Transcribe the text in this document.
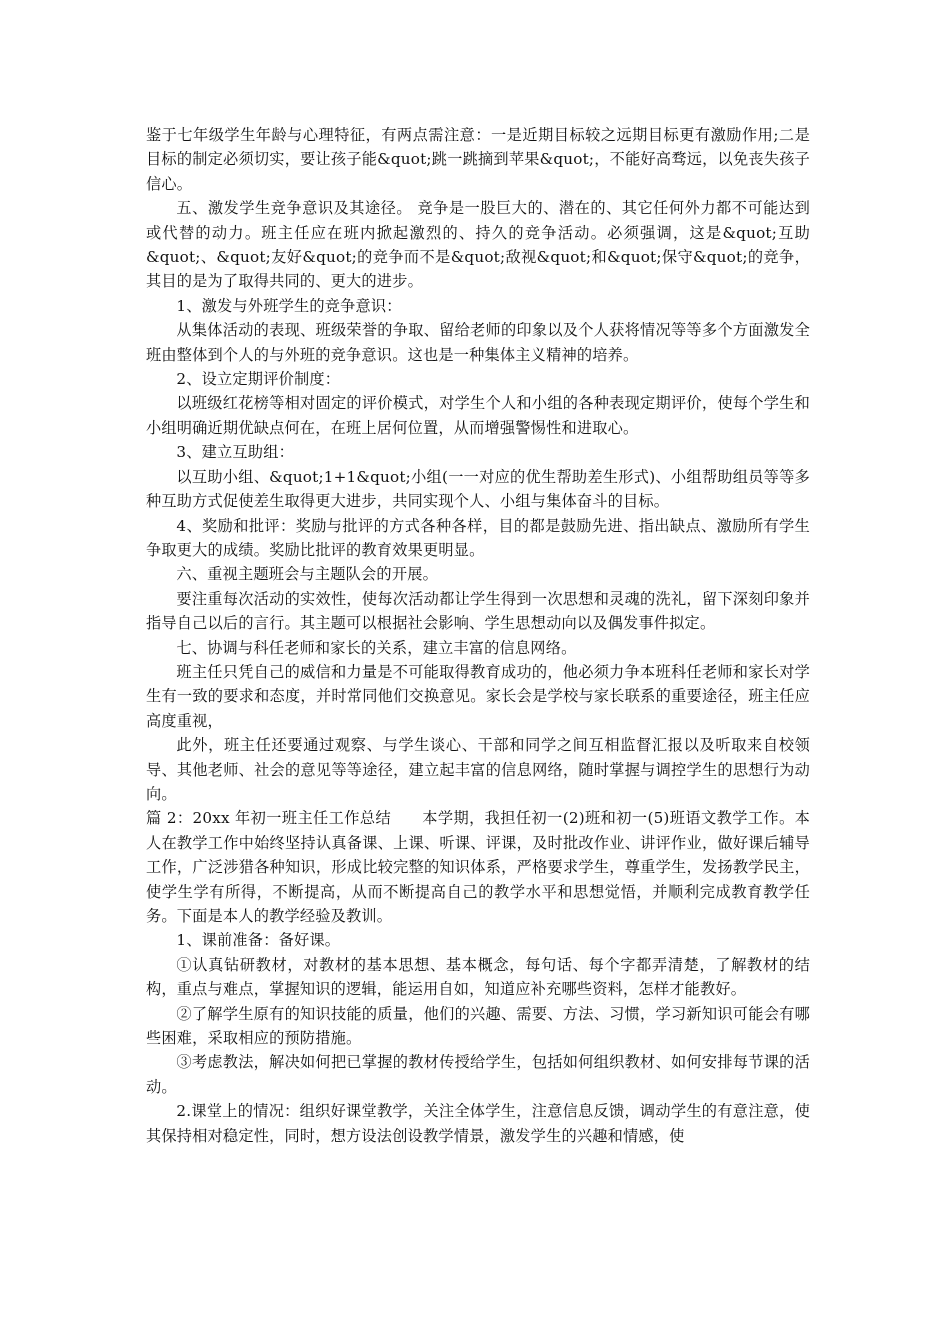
鉴于七年级学生年龄与心理特征，有两点需注意：一是近期目标较之远期目标更有激励作用;二是目标的制定必须切实，要让孩子能&quot;跳一跳摘到苹果&quot;，不能好高骛远，以免丧失孩子信心。

五、激发学生竞争意识及其途径。 竞争是一股巨大的、潜在的、其它任何外力都不可能达到或代替的动力。班主任应在班内掀起激烈的、持久的竞争活动。必须强调，这是&quot;互助&quot;、&quot;友好&quot;的竞争而不是&quot;敌视&quot;和&quot;保守&quot;的竞争，其目的是为了取得共同的、更大的进步。

1、激发与外班学生的竞争意识：

从集体活动的表现、班级荣誉的争取、留给老师的印象以及个人获将情况等等多个方面激发全班由整体到个人的与外班的竞争意识。这也是一种集体主义精神的培养。

2、设立定期评价制度：

以班级红花榜等相对固定的评价模式，对学生个人和小组的各种表现定期评价，使每个学生和小组明确近期优缺点何在，在班上居何位置，从而增强警惕性和进取心。

3、建立互助组：

以互助小组、&quot;1+1&quot;小组(一一对应的优生帮助差生形式)、小组帮助组员等等多种互助方式促使差生取得更大进步，共同实现个人、小组与集体奋斗的目标。

4、奖励和批评：奖励与批评的方式各种各样，目的都是鼓励先进、指出缺点、激励所有学生争取更大的成绩。奖励比批评的教育效果更明显。

六、重视主题班会与主题队会的开展。

要注重每次活动的实效性，使每次活动都让学生得到一次思想和灵魂的洗礼，留下深刻印象并指导自己以后的言行。其主题可以根据社会影响、学生思想动向以及偶发事件拟定。

七、协调与科任老师和家长的关系，建立丰富的信息网络。

班主任只凭自己的威信和力量是不可能取得教育成功的，他必须力争本班科任老师和家长对学生有一致的要求和态度，并时常同他们交换意见。家长会是学校与家长联系的重要途径，班主任应高度重视，

此外，班主任还要通过观察、与学生谈心、干部和同学之间互相监督汇报以及听取来自校领导、其他老师、社会的意见等等途径，建立起丰富的信息网络，随时掌握与调控学生的思想行为动向。

篇 2：20xx 年初一班主任工作总结　　本学期，我担任初一(2)班和初一(5)班语文教学工作。本人在教学工作中始终坚持认真备课、上课、听课、评课，及时批改作业、讲评作业，做好课后辅导工作，广泛涉猎各种知识，形成比较完整的知识体系，严格要求学生，尊重学生，发扬教学民主，使学生学有所得，不断提高，从而不断提高自己的教学水平和思想觉悟，并顺利完成教育教学任务。下面是本人的教学经验及教训。

1、课前准备：备好课。

①认真钻研教材，对教材的基本思想、基本概念，每句话、每个字都弄清楚，了解教材的结构，重点与难点，掌握知识的逻辑，能运用自如，知道应补充哪些资料，怎样才能教好。

②了解学生原有的知识技能的质量，他们的兴趣、需要、方法、习惯，学习新知识可能会有哪些困难，采取相应的预防措施。

③考虑教法，解决如何把已掌握的教材传授给学生，包括如何组织教材、如何安排每节课的活动。

2.课堂上的情况：组织好课堂教学，关注全体学生，注意信息反馈，调动学生的有意注意，使其保持相对稳定性，同时，想方设法创设教学情景，激发学生的兴趣和情感，使
